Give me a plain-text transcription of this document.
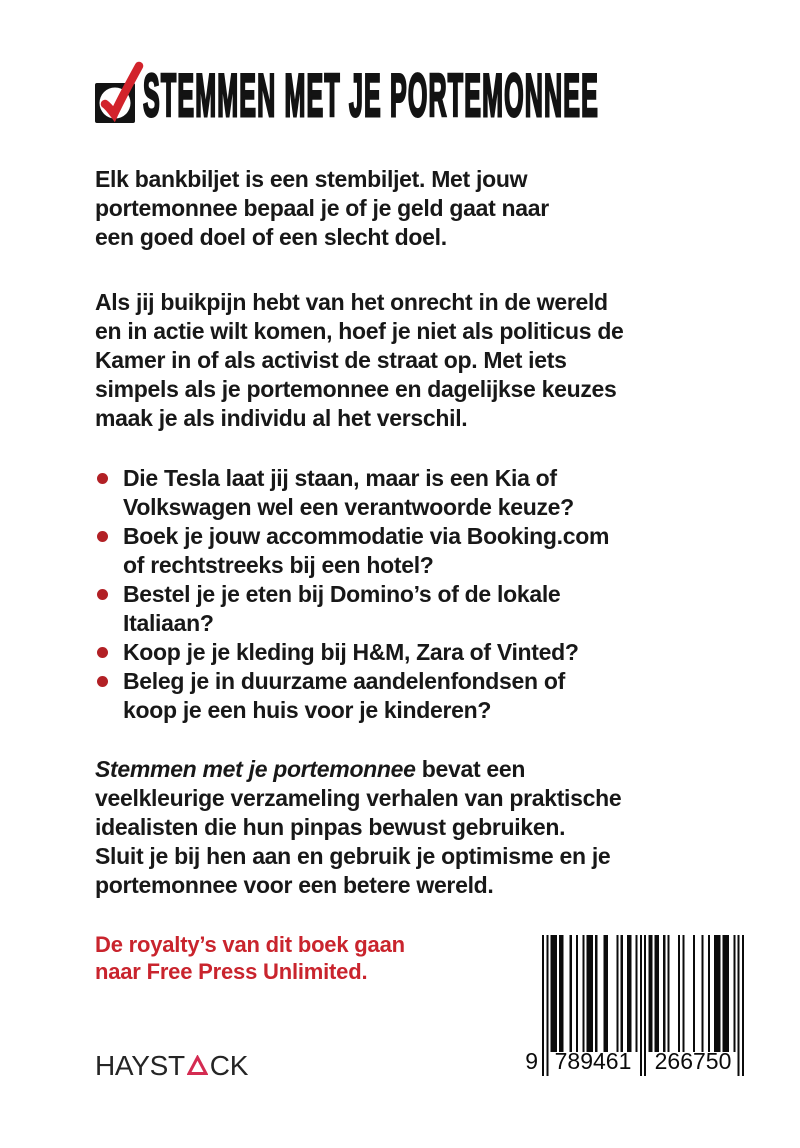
STEMMEN MET JE PORTEMONNEE
Elk bankbiljet is een stembiljet. Met jouw
portemonnee bepaal je of je geld gaat naar
een goed doel of een slecht doel.
Als jij buikpijn hebt van het onrecht in de wereld
en in actie wilt komen, hoef je niet als politicus de
Kamer in of als activist de straat op. Met iets
simpels als je portemonnee en dagelijkse keuzes
maak je als individu al het verschil.
Die Tesla laat jij staan, maar is een Kia of
Volkswagen wel een verantwoorde keuze?
Boek je jouw accommodatie via Booking.com
of rechtstreeks bij een hotel?
Bestel je je eten bij Domino’s of de lokale
Italiaan?
Koop je je kleding bij H&M, Zara of Vinted?
Beleg je in duurzame aandelenfondsen of
koop je een huis voor je kinderen?
Stemmen met je portemonnee bevat een
veelkleurige verzameling verhalen van praktische
idealisten die hun pinpas bewust gebruiken.
Sluit je bij hen aan en gebruik je optimisme en je
portemonnee voor een betere wereld.
De royalty’s van dit boek gaan
naar Free Press Unlimited.
HAYST CK	9 789461 266750
